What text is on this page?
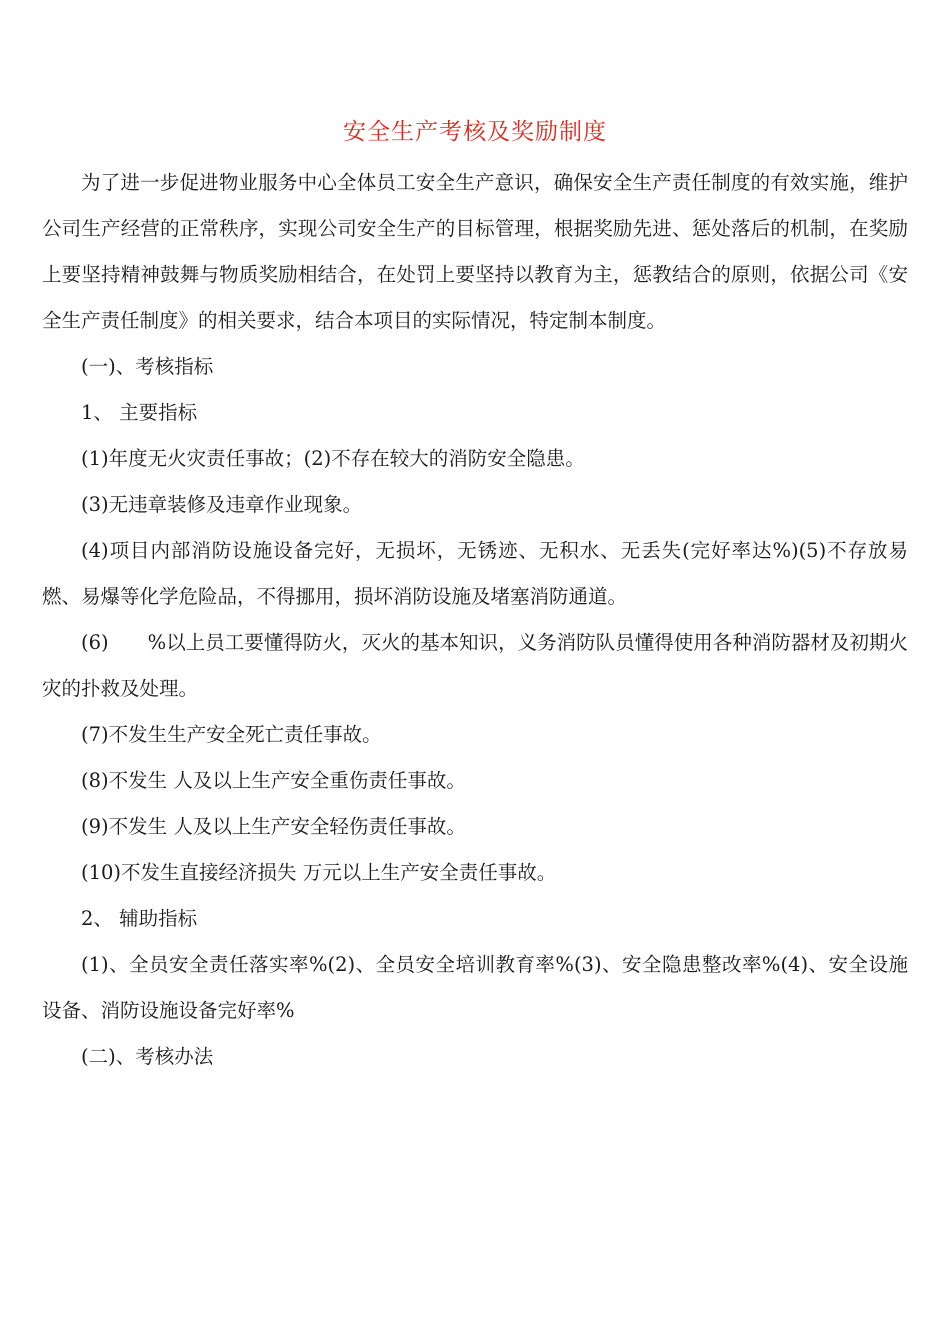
安全生产考核及奖励制度

为了进一步促进物业服务中心全体员工安全生产意识，确保安全生产责任制度的有效实施，维护公司生产经营的正常秩序，实现公司安全生产的目标管理，根据奖励先进、惩处落后的机制，在奖励上要坚持精神鼓舞与物质奖励相结合，在处罚上要坚持以教育为主，惩教结合的原则，依据公司《安全生产责任制度》的相关要求，结合本项目的实际情况，特定制本制度。

(一)、考核指标

1、 主要指标

(1)年度无火灾责任事故；(2)不存在较大的消防安全隐患。

(3)无违章装修及违章作业现象。

(4)项目内部消防设施设备完好，无损坏，无锈迹、无积水、无丢失(完好率达%)(5)不存放易燃、易爆等化学危险品，不得挪用，损坏消防设施及堵塞消防通道。

(6)　　%以上员工要懂得防火，灭火的基本知识，义务消防队员懂得使用各种消防器材及初期火灾的扑救及处理。

(7)不发生生产安全死亡责任事故。

(8)不发生 人及以上生产安全重伤责任事故。

(9)不发生 人及以上生产安全轻伤责任事故。

(10)不发生直接经济损失 万元以上生产安全责任事故。

2、 辅助指标

(1)、全员安全责任落实率%(2)、全员安全培训教育率%(3)、安全隐患整改率%(4)、安全设施设备、消防设施设备完好率%

(二)、考核办法
